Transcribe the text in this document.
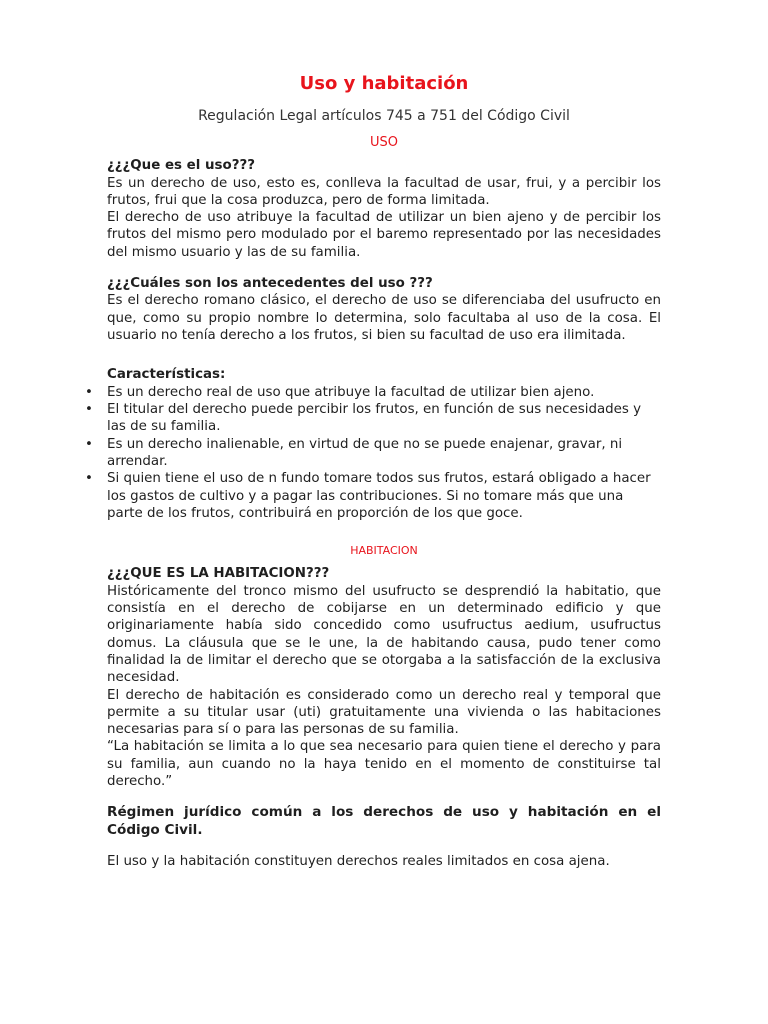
Uso y habitación

Regulación Legal artículos 745 a 751 del Código Civil

USO

¿¿¿Que es el uso???

Es un derecho de uso, esto es, conlleva la facultad de usar, frui, y a percibir los frutos, frui que la cosa produzca, pero de forma limitada.

El derecho de uso atribuye la facultad de utilizar un bien ajeno y de percibir los frutos del mismo pero modulado por el baremo representado por las necesidades del mismo usuario y las de su familia.

¿¿¿Cuáles son los antecedentes del uso ???

Es el derecho romano clásico, el derecho de uso se diferenciaba del usufructo en que, como su propio nombre lo determina, solo facultaba al uso de la cosa. El usuario no tenía derecho a los frutos, si bien su facultad de uso era ilimitada.

Características:

• Es un derecho real de uso que atribuye la facultad de utilizar bien ajeno.
• El titular del derecho puede percibir los frutos, en función de sus necesidades y las de su familia.
• Es un derecho inalienable, en virtud de que no se puede enajenar, gravar, ni arrendar.
• Si quien tiene el uso de n fundo tomare todos sus frutos, estará obligado a hacer los gastos de cultivo y a pagar las contribuciones. Si no tomare más que una parte de los frutos, contribuirá en proporción de los que goce.

HABITACION

¿¿¿QUE ES LA HABITACION???

Históricamente del tronco mismo del usufructo se desprendió la habitatio, que consistía en el derecho de cobijarse en un determinado edificio y que originariamente había sido concedido como usufructus aedium, usufructus domus. La cláusula que se le une, la de habitando causa, pudo tener como finalidad la de limitar el derecho que se otorgaba a la satisfacción de la exclusiva necesidad.

El derecho de habitación es considerado como un derecho real y temporal que permite a su titular usar (uti) gratuitamente una vivienda o las habitaciones necesarias para sí o para las personas de su familia.

“La habitación se limita a lo que sea necesario para quien tiene el derecho y para su familia, aun cuando no la haya tenido en el momento de constituirse tal derecho.”

Régimen jurídico común a los derechos de uso y habitación en el Código Civil.

El uso y la habitación constituyen derechos reales limitados en cosa ajena.
